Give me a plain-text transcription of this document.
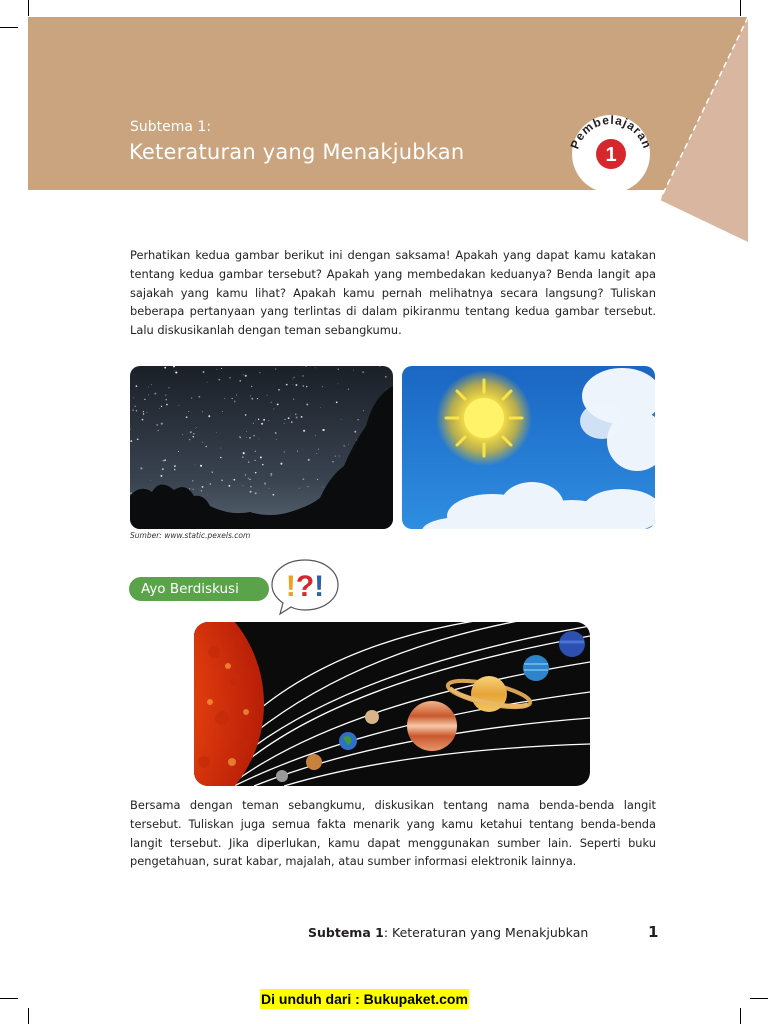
Subtema 1:
Keteraturan yang Menakjubkan	Pembelajaran
1
Perhatikan kedua gambar berikut ini dengan saksama! Apakah yang dapat kamu katakan tentang kedua gambar tersebut? Apakah yang membedakan keduanya? Benda langit apa sajakah yang kamu lihat? Apakah kamu pernah melihatnya secara langsung? Tuliskan beberapa pertanyaan yang terlintas di dalam pikiranmu tentang kedua gambar tersebut. Lalu diskusikanlah dengan teman sebangkumu.
Sumber: www.static.pexels.com
Ayo Berdiskusi	!?!
Bersama dengan teman sebangkumu, diskusikan tentang nama benda-benda langit tersebut. Tuliskan juga semua fakta menarik yang kamu ketahui tentang benda-benda langit tersebut. Jika diperlukan, kamu dapat menggunakan sumber lain. Seperti buku pengetahuan, surat kabar, majalah, atau sumber informasi elektronik lainnya.
Subtema 1: Keteraturan yang Menakjubkan	1
Di unduh dari : Bukupaket.com
